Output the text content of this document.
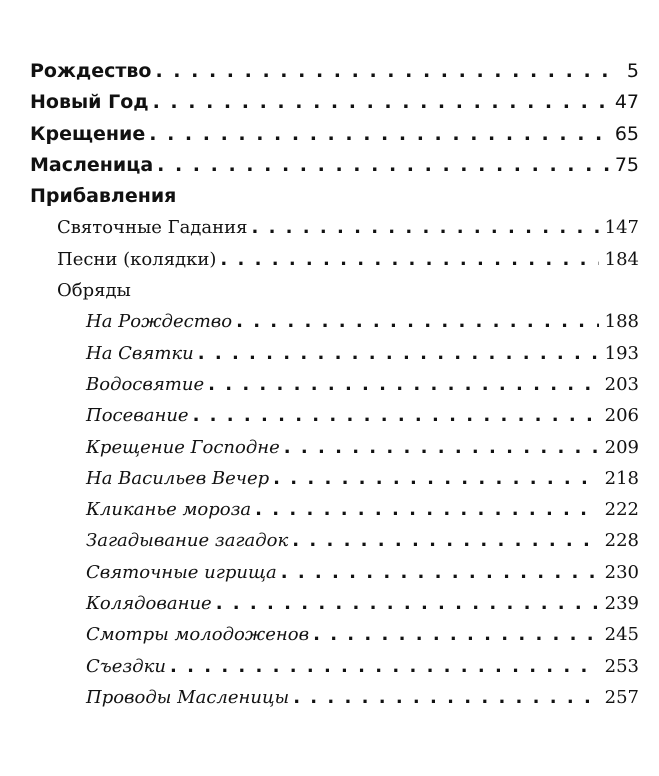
Рождество . . .	5
Новый Год . . .	47
Крещение . . .	65
Масленица . . .	75
Прибавления
Святочные Гадания . . .	147
Песни (колядки) . . .	184
Обряды
На Рождество . . .	188
На Святки . . .	193
Водосвятие . . .	203
Посевание . . .	206
Крещение Господне . . .	209
На Васильев Вечер . . .	218
Кликанье мороза . . .	222
Загадывание загадок . . .	228
Святочные игрища . . .	230
Колядование . . .	239
Смотры молодоженов . . .	245
Съездки . . .	253
Проводы Масленицы . . .	257
